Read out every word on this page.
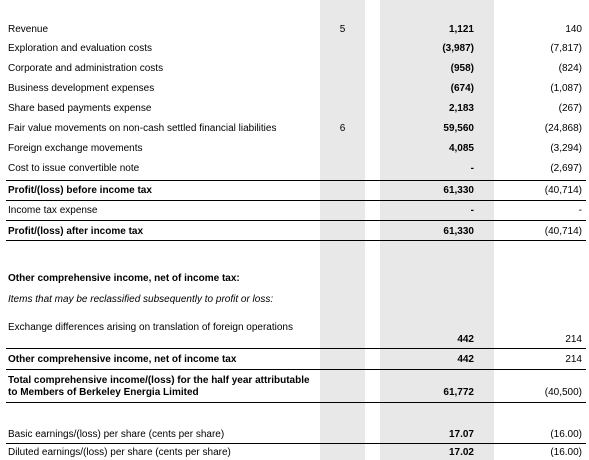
Revenue	5	1,121	140
Exploration and evaluation costs	(3,987)	(7,817)
Corporate and administration costs	(958)	(824)
Business development expenses	(674)	(1,087)
Share based payments expense	2,183	(267)
Fair value movements on non-cash settled financial liabilities	6	59,560	(24,868)
Foreign exchange movements	4,085	(3,294)
Cost to issue convertible note	-	(2,697)
Profit/(loss) before income tax	61,330	(40,714)
Income tax expense	-	-
Profit/(loss) after income tax	61,330	(40,714)
Other comprehensive income, net of income tax:
Items that may be reclassified subsequently to profit or loss:
Exchange differences arising on translation of foreign operations
442	214
Other comprehensive income, net of income tax	442	214
Total comprehensive income/(loss) for the half year attributable to Members of Berkeley Energia Limited	61,772	(40,500)
Basic earnings/(loss) per share (cents per share)	17.07	(16.00)
Diluted earnings/(loss) per share (cents per share)	17.02	(16.00)
